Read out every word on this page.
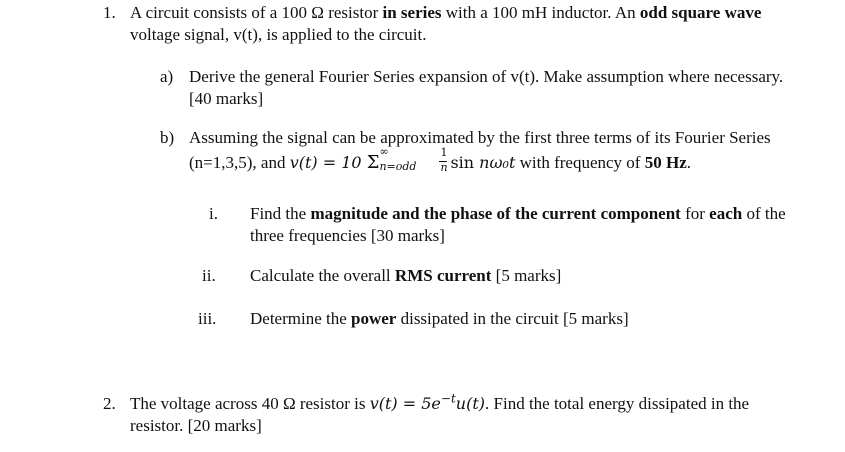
1. A circuit consists of a 100 Ω resistor in series with a 100 mH inductor. An odd square wave
voltage signal, v(t), is applied to the circuit.
a) Derive the general Fourier Series expansion of v(t). Make assumption where necessary.
[40 marks]
b) Assuming the signal can be approximated by the first three terms of its Fourier Series
(n=1,3,5), and v(t) = 10 Σ
∞
$n=odd \frac{1}{n}$ sin nω₀t with frequency of 50 Hz.
i. Find the magnitude and the phase of the current component for each of the
three frequencies [30 marks]
ii. Calculate the overall RMS current [5 marks]
iii. Determine the power dissipated in the circuit [5 marks]
2. The voltage across 40 Ω resistor is $v(t) = 5e^{-t}u(t)$. Find the total energy dissipated in the
resistor. [20 marks]
